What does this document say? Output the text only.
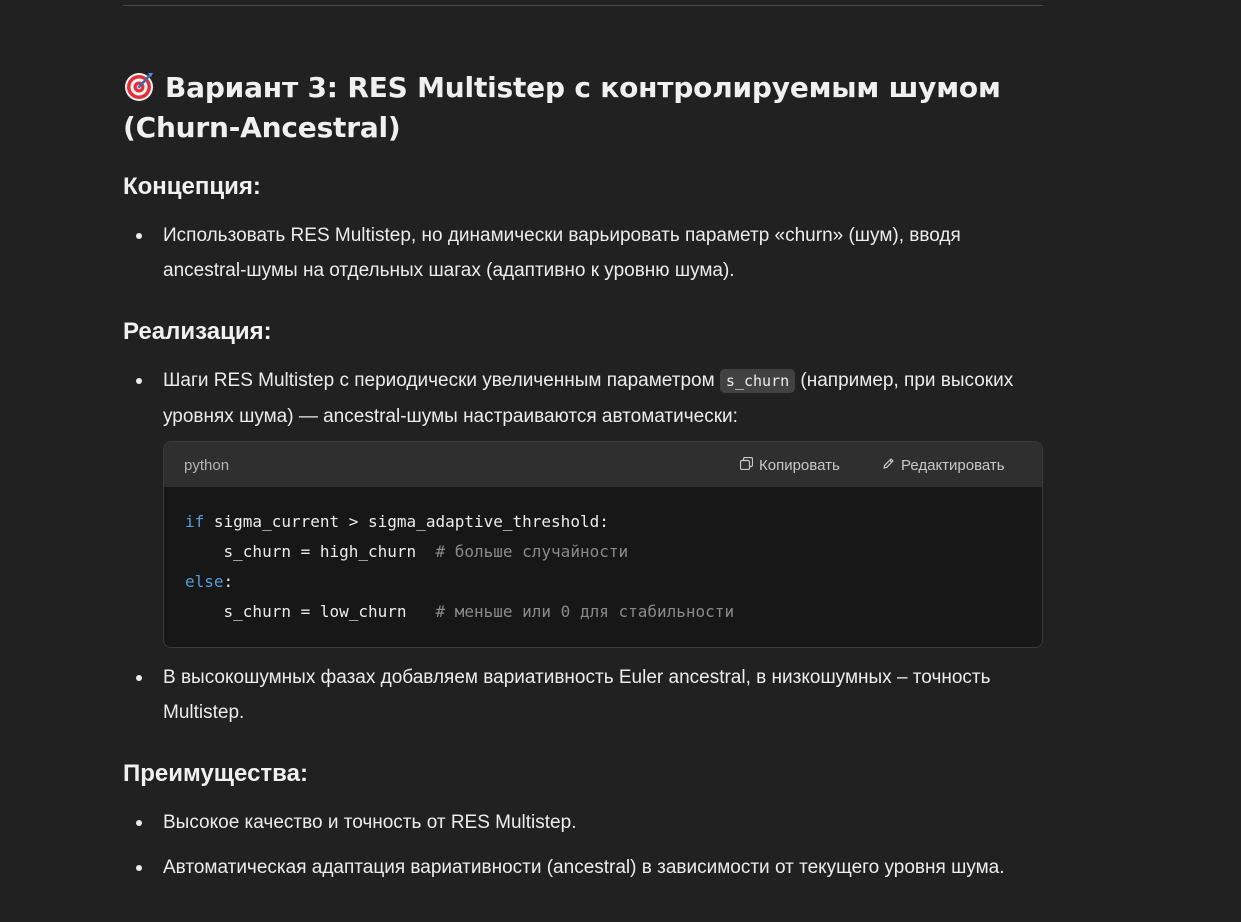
Вариант 3: RES Multistep с контролируемым шумом (Churn-Ancestral)
Концепция:
Использовать RES Multistep, но динамически варьировать параметр «churn» (шум), вводя ancestral-шумы на отдельных шагах (адаптивно к уровню шума).
Реализация:
Шаги RES Multistep с периодически увеличенным параметром s_churn (например, при высоких уровнях шума) — ancestral-шумы настраиваются автоматически:
python	Копировать	Редактировать
if sigma_current > sigma_adaptive_threshold:
s_churn = high_churn  # больше случайности
else:
s_churn = low_churn   # меньше или 0 для стабильности
В высокошумных фазах добавляем вариативность Euler ancestral, в низкошумных – точность Multistep.
Преимущества:
Высокое качество и точность от RES Multistep.
Автоматическая адаптация вариативности (ancestral) в зависимости от текущего уровня шума.
